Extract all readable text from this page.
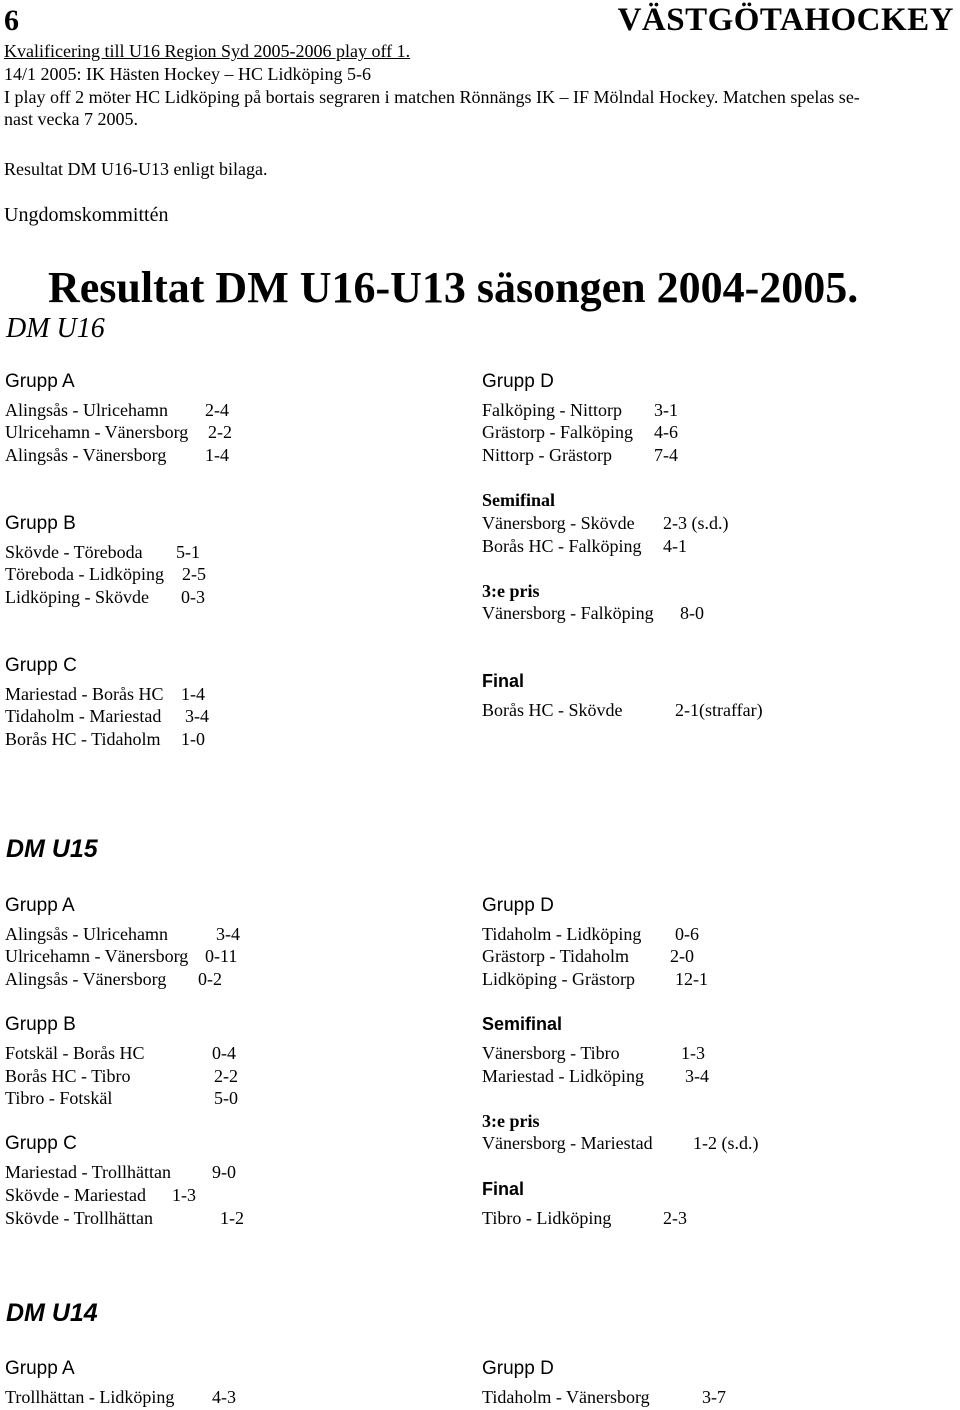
6	VÄSTGÖTAHOCKEY
Kvalificering till U16 Region Syd 2005-2006 play off 1.
14/1 2005: IK Hästen Hockey – HC Lidköping 5-6
I play off 2 möter HC Lidköping på bortais segraren i matchen Rönnängs IK – IF Mölndal Hockey. Matchen spelas se-
nast vecka 7 2005.
Resultat DM U16-U13 enligt bilaga.
Ungdomskommittén
Resultat DM U16-U13 säsongen 2004-2005.
DM U16
Grupp A
Alingsås - Ulricehamn 2-4
Ulricehamn - Vänersborg 2-2
Alingsås - Vänersborg 1-4
Grupp B
Skövde - Töreboda 5-1
Töreboda - Lidköping 2-5
Lidköping - Skövde 0-3
Grupp C
Mariestad - Borås HC 1-4
Tidaholm - Mariestad 3-4
Borås HC - Tidaholm 1-0
Grupp D
Falköping - Nittorp 3-1
Grästorp - Falköping 4-6
Nittorp - Grästorp 7-4
Semifinal
Vänersborg - Skövde 2-3 (s.d.)
Borås HC - Falköping 4-1
3:e pris
Vänersborg - Falköping 8-0
Final
Borås HC - Skövde	2-1(straffar)
DM U15
Grupp A
Alingsås - Ulricehamn	3-4
Ulricehamn - Vänersborg 0-11
Alingsås - Vänersborg 0-2
Grupp B
Fotskäl - Borås HC	0-4
Borås HC - Tibro	2-2
Tibro - Fotskäl	5-0
Grupp C
Mariestad - Trollhättan 9-0
Skövde - Mariestad 1-3
Skövde - Trollhättan	1-2
Grupp D
Tidaholm - Lidköping 0-6
Grästorp - Tidaholm 2-0
Lidköping - Grästorp 12-1
Semifinal
Vänersborg - Tibro	1-3
Mariestad - Lidköping 3-4
3:e pris
Vänersborg - Mariestad 1-2 (s.d.)
Final
Tibro - Lidköping	2-3
DM U14
Grupp A
Trollhättan - Lidköping 4-3
Grupp D
Tidaholm - Vänersborg	3-7
